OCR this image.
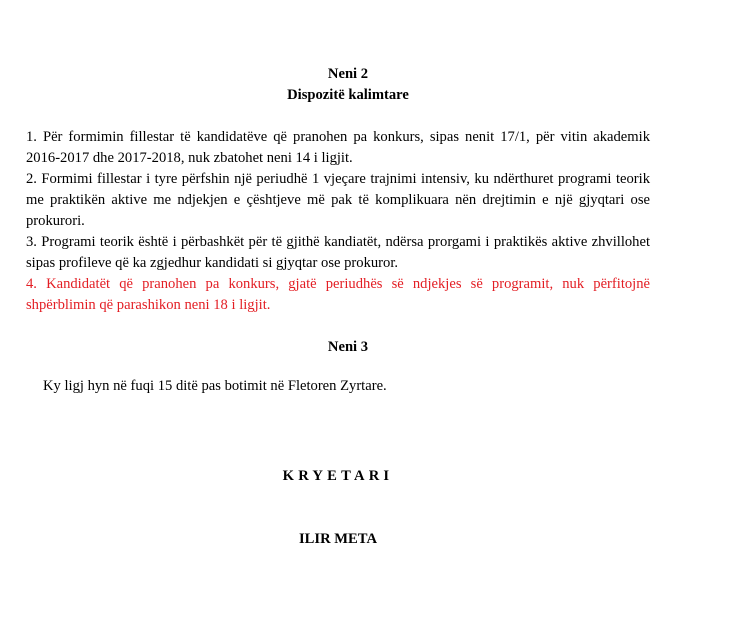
Neni 2

Dispozitë kalimtare

1. Për formimin fillestar të kandidatëve që pranohen pa konkurs, sipas nenit 17/1, për vitin akademik 2016-2017 dhe 2017-2018, nuk zbatohet neni 14 i ligjit.

2. Formimi fillestar i tyre përfshin një periudhë 1 vjeçare trajnimi intensiv, ku ndërthuret programi teorik me praktikën aktive me ndjekjen e çështjeve më pak të komplikuara nën drejtimin e një gjyqtari ose prokurori.

3. Programi teorik është i përbashkët për të gjithë kandiatët, ndërsa prorgami i praktikës aktive zhvillohet sipas profileve që ka zgjedhur kandidati si gjyqtar ose prokuror.

4. Kandidatët që pranohen pa konkurs, gjatë periudhës së ndjekjes së programit, nuk përfitojnë shpërblimin që parashikon neni 18 i ligjit.

Neni 3

Ky ligj hyn në fuqi 15 ditë pas botimit në Fletoren Zyrtare.

KRYETARI
ILIR META
